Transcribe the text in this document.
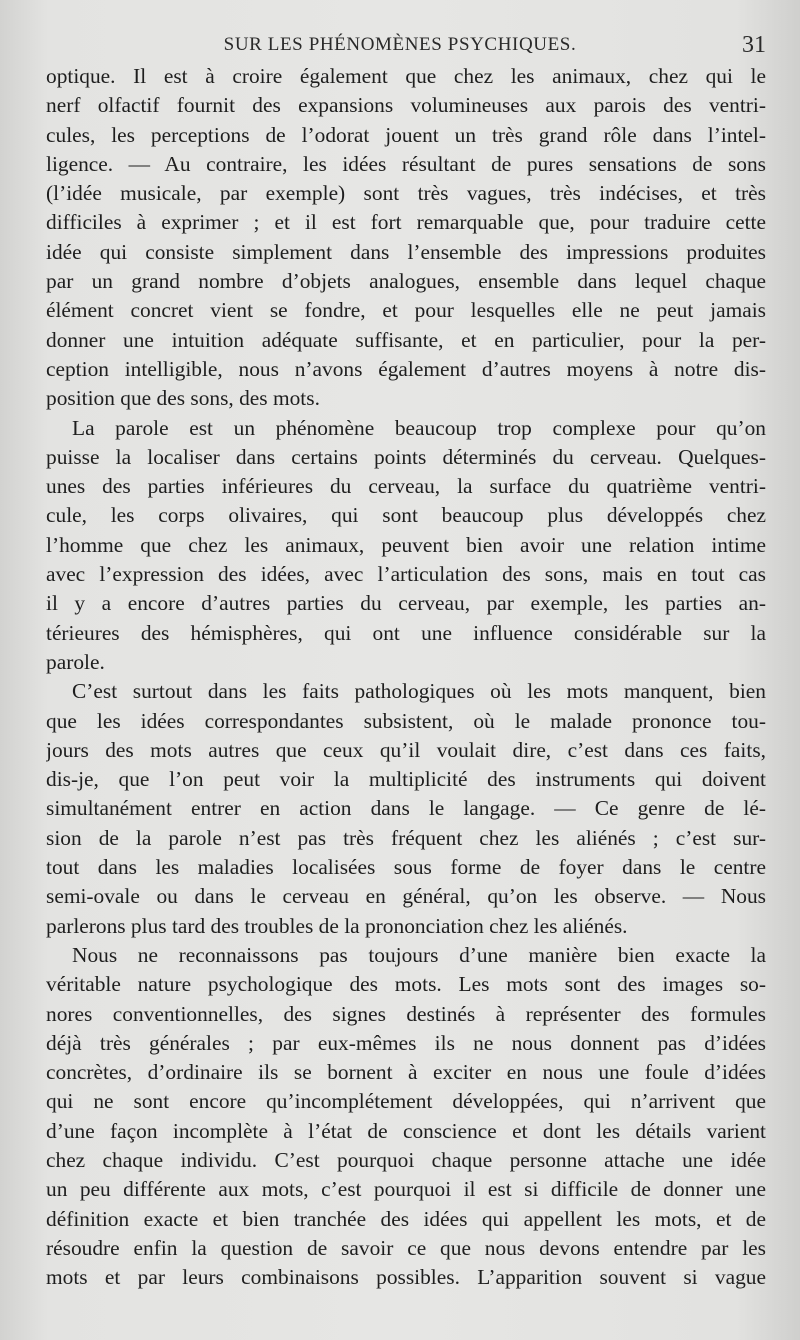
SUR LES PHÉNOMÈNES PSYCHIQUES.	31
optique. Il est à croire également que chez les animaux, chez qui le
nerf olfactif fournit des expansions volumineuses aux parois des ventri-
cules, les perceptions de l’odorat jouent un très grand rôle dans l’intel-
ligence. — Au contraire, les idées résultant de pures sensations de sons
(l’idée musicale, par exemple) sont très vagues, très indécises, et très
difficiles à exprimer ; et il est fort remarquable que, pour traduire cette
idée qui consiste simplement dans l’ensemble des impressions produites
par un grand nombre d’objets analogues, ensemble dans lequel chaque
élément concret vient se fondre, et pour lesquelles elle ne peut jamais
donner une intuition adéquate suffisante, et en particulier, pour la per-
ception intelligible, nous n’avons également d’autres moyens à notre dis-
position que des sons, des mots.
La parole est un phénomène beaucoup trop complexe pour qu’on
puisse la localiser dans certains points déterminés du cerveau. Quelques-
unes des parties inférieures du cerveau, la surface du quatrième ventri-
cule, les corps olivaires, qui sont beaucoup plus développés chez
l’homme que chez les animaux, peuvent bien avoir une relation intime
avec l’expression des idées, avec l’articulation des sons, mais en tout cas
il y a encore d’autres parties du cerveau, par exemple, les parties an-
térieures des hémisphères, qui ont une influence considérable sur la
parole.
C’est surtout dans les faits pathologiques où les mots manquent, bien
que les idées correspondantes subsistent, où le malade prononce tou-
jours des mots autres que ceux qu’il voulait dire, c’est dans ces faits,
dis-je, que l’on peut voir la multiplicité des instruments qui doivent
simultanément entrer en action dans le langage. — Ce genre de lé-
sion de la parole n’est pas très fréquent chez les aliénés ; c’est sur-
tout dans les maladies localisées sous forme de foyer dans le centre
semi-ovale ou dans le cerveau en général, qu’on les observe. — Nous
parlerons plus tard des troubles de la prononciation chez les aliénés.
Nous ne reconnaissons pas toujours d’une manière bien exacte la
véritable nature psychologique des mots. Les mots sont des images so-
nores conventionnelles, des signes destinés à représenter des formules
déjà très générales ; par eux-mêmes ils ne nous donnent pas d’idées
concrètes, d’ordinaire ils se bornent à exciter en nous une foule d’idées
qui ne sont encore qu’incomplétement développées, qui n’arrivent que
d’une façon incomplète à l’état de conscience et dont les détails varient
chez chaque individu. C’est pourquoi chaque personne attache une idée
un peu différente aux mots, c’est pourquoi il est si difficile de donner une
définition exacte et bien tranchée des idées qui appellent les mots, et de
résoudre enfin la question de savoir ce que nous devons entendre par les
mots et par leurs combinaisons possibles. L’apparition souvent si vague
